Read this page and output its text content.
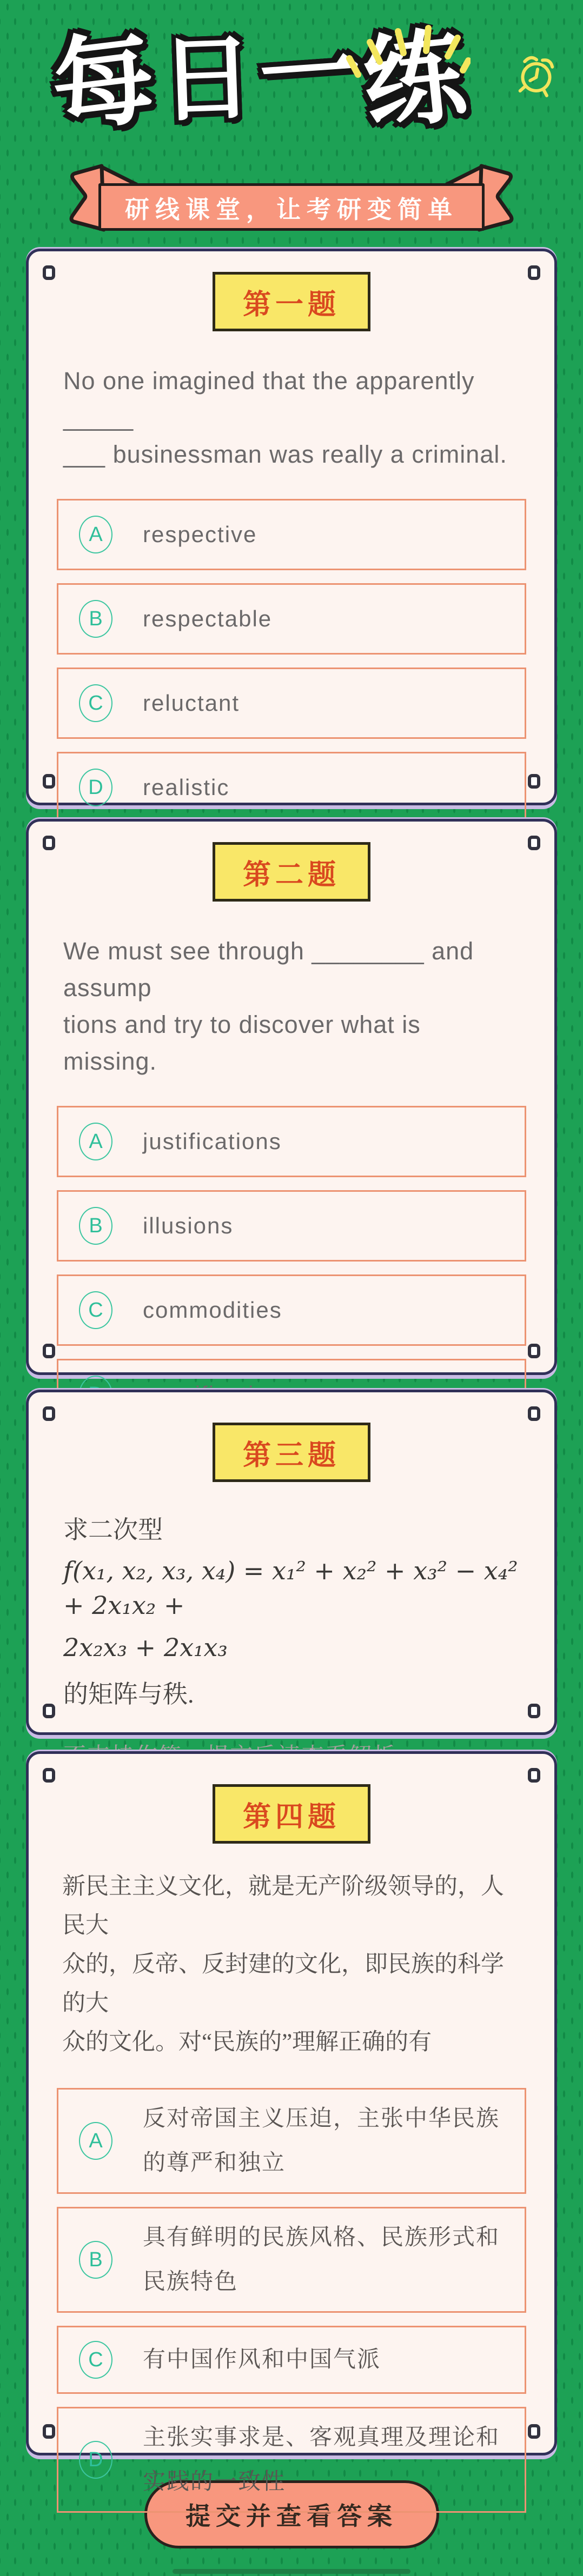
每日一练
研线课堂，让考研变简单
第一题
No one imagined that the apparently _____
___ businessman was really a criminal.
A	respective
B	respectable
C	reluctant
D	realistic
第二题
We must see through ________ and assump
tions and try to discover what is missing.
A	justifications
B	illusions
C	commodities
第三题
求二次型
f(x₁, x₂, x₃, x₄) = x₁² + x₂² + x₃² − x₄² + 2x₁x₂ +
2x₂x₃ + 2x₁x₃
的矩阵与秩.
第四题
新民主主义文化，就是无产阶级领导的，人民大
众的，反帝、反封建的文化，即民族的科学的大
众的文化。对“民族的”理解正确的有
A
反对帝国主义压迫，主张中华民族的尊严和独立
B
具有鲜明的民族风格、民族形式和民族特色
C	有中国作风和中国气派
D
主张实事求是、客观真理及理论和实践的一致性
提交并查看答案
